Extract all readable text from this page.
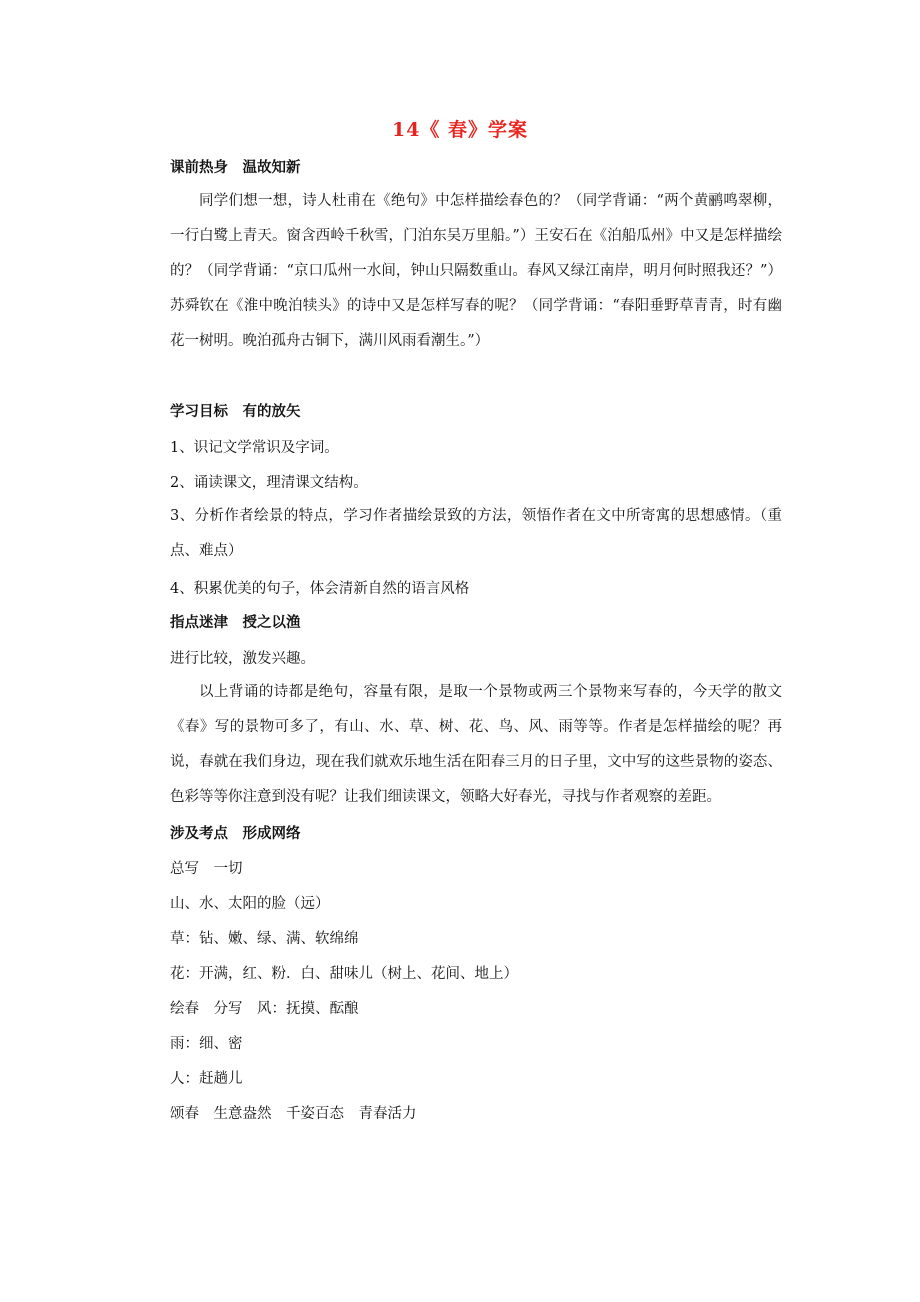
14《 春》学案
课前热身　温故知新
同学们想一想，诗人杜甫在《绝句》中怎样描绘春色的？（同学背诵：“两个黄鹂鸣翠柳，一行白鹭上青天。窗含西岭千秋雪，门泊东吴万里船。”）王安石在《泊船瓜州》中又是怎样描绘的？（同学背诵：“京口瓜州一水间，钟山只隔数重山。春风又绿江南岸，明月何时照我还？”）苏舜钦在《淮中晚泊犊头》的诗中又是怎样写春的呢？（同学背诵：“春阳垂野草青青，时有幽花一树明。晚泊孤舟古铜下，满川风雨看潮生。”）
学习目标　有的放矢
1、识记文学常识及字词。
2、诵读课文，理清课文结构。
3、分析作者绘景的特点，学习作者描绘景致的方法，领悟作者在文中所寄寓的思想感情。（重点、难点）
4、积累优美的句子，体会清新自然的语言风格
指点迷津　授之以渔
进行比较，激发兴趣。
以上背诵的诗都是绝句，容量有限，是取一个景物或两三个景物来写春的，今天学的散文《春》写的景物可多了，有山、水、草、树、花、鸟、风、雨等等。作者是怎样描绘的呢？再说，春就在我们身边，现在我们就欢乐地生活在阳春三月的日子里，文中写的这些景物的姿态、色彩等等你注意到没有呢？让我们细读课文，领略大好春光，寻找与作者观察的差距。
涉及考点　形成网络
总写　一切
山、水、太阳的脸（远）
草：钻、嫩、绿、满、软绵绵
花：开满，红、粉．白、甜味儿（树上、花间、地上）
绘春　分写　风：抚摸、酝酿
雨：细、密
人：赶趟儿
颂春　生意盎然　千姿百态　青春活力
